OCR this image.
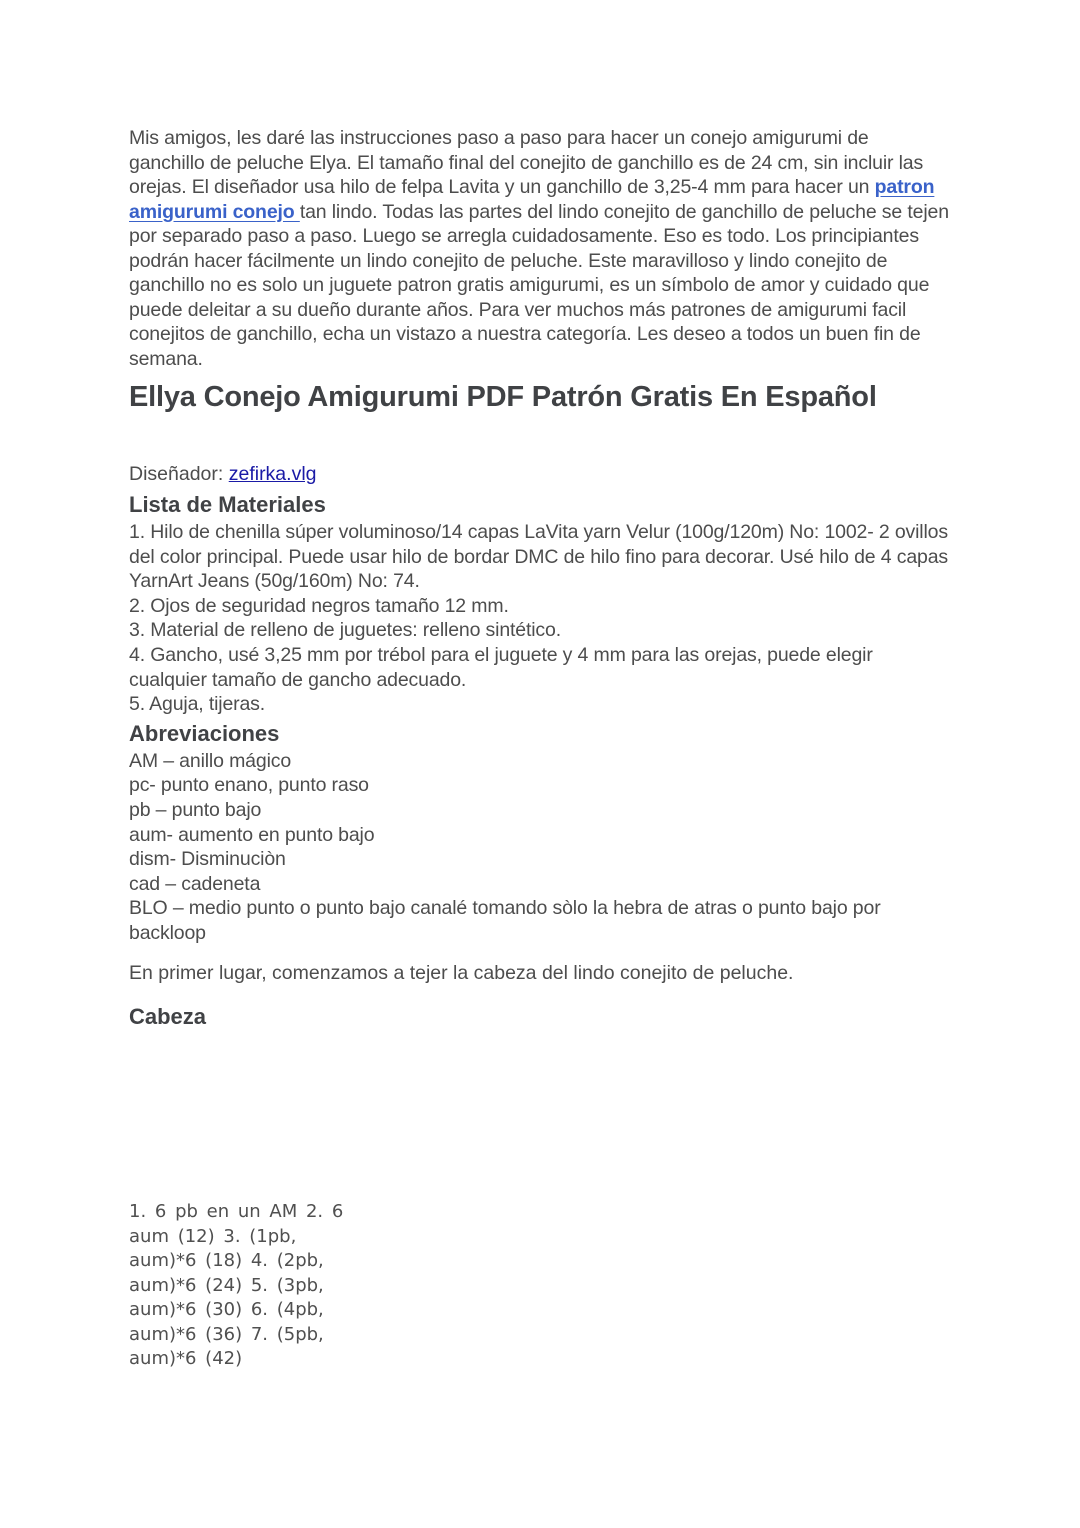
Mis amigos, les daré las instrucciones paso a paso para hacer un conejo amigurumi de ganchillo de peluche Elya. El tamaño final del conejito de ganchillo es de 24 cm, sin incluir las orejas. El diseñador usa hilo de felpa Lavita y un ganchillo de 3,25-4 mm para hacer un patron amigurumi conejo tan lindo. Todas las partes del lindo conejito de ganchillo de peluche se tejen por separado paso a paso. Luego se arregla cuidadosamente. Eso es todo. Los principiantes podrán hacer fácilmente un lindo conejito de peluche. Este maravilloso y lindo conejito de ganchillo no es solo un juguete patron gratis amigurumi, es un símbolo de amor y cuidado que puede deleitar a su dueño durante años. Para ver muchos más patrones de amigurumi facil conejitos de ganchillo, echa un vistazo a nuestra categoría. Les deseo a todos un buen fin de semana.

Ellya Conejo Amigurumi PDF Patrón Gratis En Español
Diseñador: zefirka.vlg
Lista de Materiales
1. Hilo de chenilla súper voluminoso/14 capas LaVita yarn Velur (100g/120m) No: 1002- 2 ovillos del color principal. Puede usar hilo de bordar DMC de hilo fino para decorar. Usé hilo de 4 capas YarnArt Jeans (50g/160m) No: 74.
2. Ojos de seguridad negros tamaño 12 mm.
3. Material de relleno de juguetes: relleno sintético.
4. Gancho, usé 3,25 mm por trébol para el juguete y 4 mm para las orejas, puede elegir cualquier tamaño de gancho adecuado.
5. Aguja, tijeras.
Abreviaciones
AM – anillo mágico
pc- punto enano, punto raso
pb – punto bajo
aum- aumento en punto bajo
dism- Disminuciòn
cad – cadeneta
BLO – medio punto o punto bajo canalé tomando sòlo la hebra de atras o punto bajo por backloop
En primer lugar, comenzamos a tejer la cabeza del lindo conejito de peluche.
Cabeza
1. 6 pb en un AM 2. 6 aum (12) 3. (1pb, aum)*6 (18) 4. (2pb, aum)*6 (24) 5. (3pb, aum)*6 (30) 6. (4pb, aum)*6 (36) 7. (5pb, aum)*6 (42)
